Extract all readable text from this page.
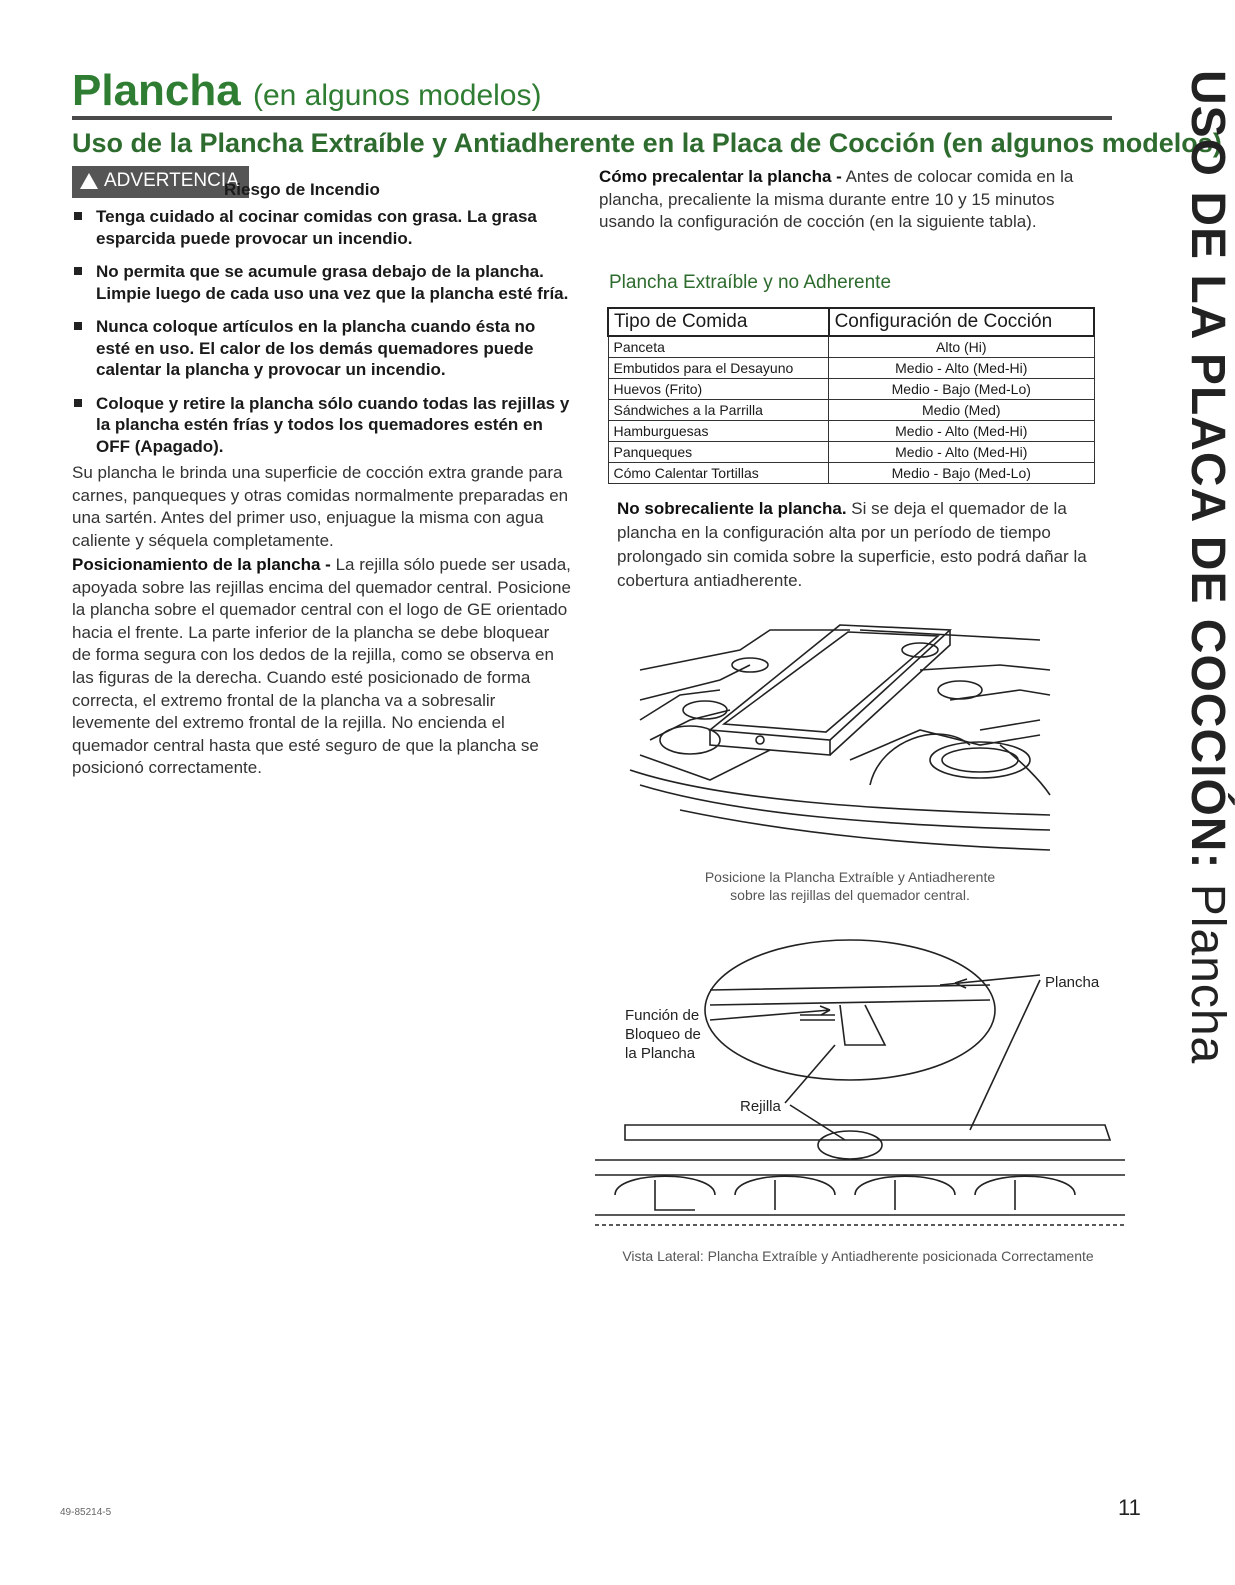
Plancha (en algunos modelos)
Uso de la Plancha Extraíble y Antiadherente en la Placa de Cocción (en algunos modelos)
ADVERTENCIA
Riesgo de Incendio
Tenga cuidado al cocinar comidas con grasa. La grasa esparcida puede provocar un incendio.
No permita que se acumule grasa debajo de la plancha. Limpie luego de cada uso una vez que la plancha esté fría.
Nunca coloque artículos en la plancha cuando ésta no esté en uso. El calor de los demás quemadores puede calentar la plancha y provocar un incendio.
Coloque y retire la plancha sólo cuando todas las rejillas y la plancha estén frías y todos los quemadores estén en OFF (Apagado).
Su plancha le brinda una superficie de cocción extra grande para carnes, panqueques y otras comidas normalmente preparadas en una sartén. Antes del primer uso, enjuague la misma con agua caliente y séquela completamente.
Posicionamiento de la plancha - La rejilla sólo puede ser usada, apoyada sobre las rejillas encima del quemador central. Posicione la plancha sobre el quemador central con el logo de GE orientado hacia el frente. La parte inferior de la plancha se debe bloquear de forma segura con los dedos de la rejilla, como se observa en las figuras de la derecha. Cuando esté posicionado de forma correcta, el extremo frontal de la plancha va a sobresalir levemente del extremo frontal de la rejilla. No encienda el quemador central hasta que esté seguro de que la plancha se posicionó correctamente.
Cómo precalentar la plancha - Antes de colocar comida en la plancha, precaliente la misma durante entre 10 y 15 minutos usando la configuración de cocción (en la siguiente tabla).
Plancha Extraíble y no Adherente
Tipo de Comida	Configuración de Cocción
Panceta	Alto (Hi)
Embutidos para el Desayuno	Medio - Alto (Med-Hi)
Huevos (Frito)	Medio - Bajo (Med-Lo)
Sándwiches a la Parrilla	Medio (Med)
Hamburguesas	Medio - Alto (Med-Hi)
Panqueques	Medio - Alto (Med-Hi)
Cómo Calentar Tortillas	Medio - Bajo (Med-Lo)
No sobrecaliente la plancha. Si se deja el quemador de la plancha en la configuración alta por un período de tiempo prolongado sin comida sobre la superficie, esto podrá dañar la cobertura antiadherente.
Posicione la Plancha Extraíble y Antiadherente
sobre las rejillas del quemador central.
Plancha
Función de
Bloqueo de
la Plancha
Rejilla
Vista Lateral: Plancha Extraíble y Antiadherente posicionada Correctamente
USO DE LA PLACA DE COCCIÓN: Plancha
49-85214-5	11
